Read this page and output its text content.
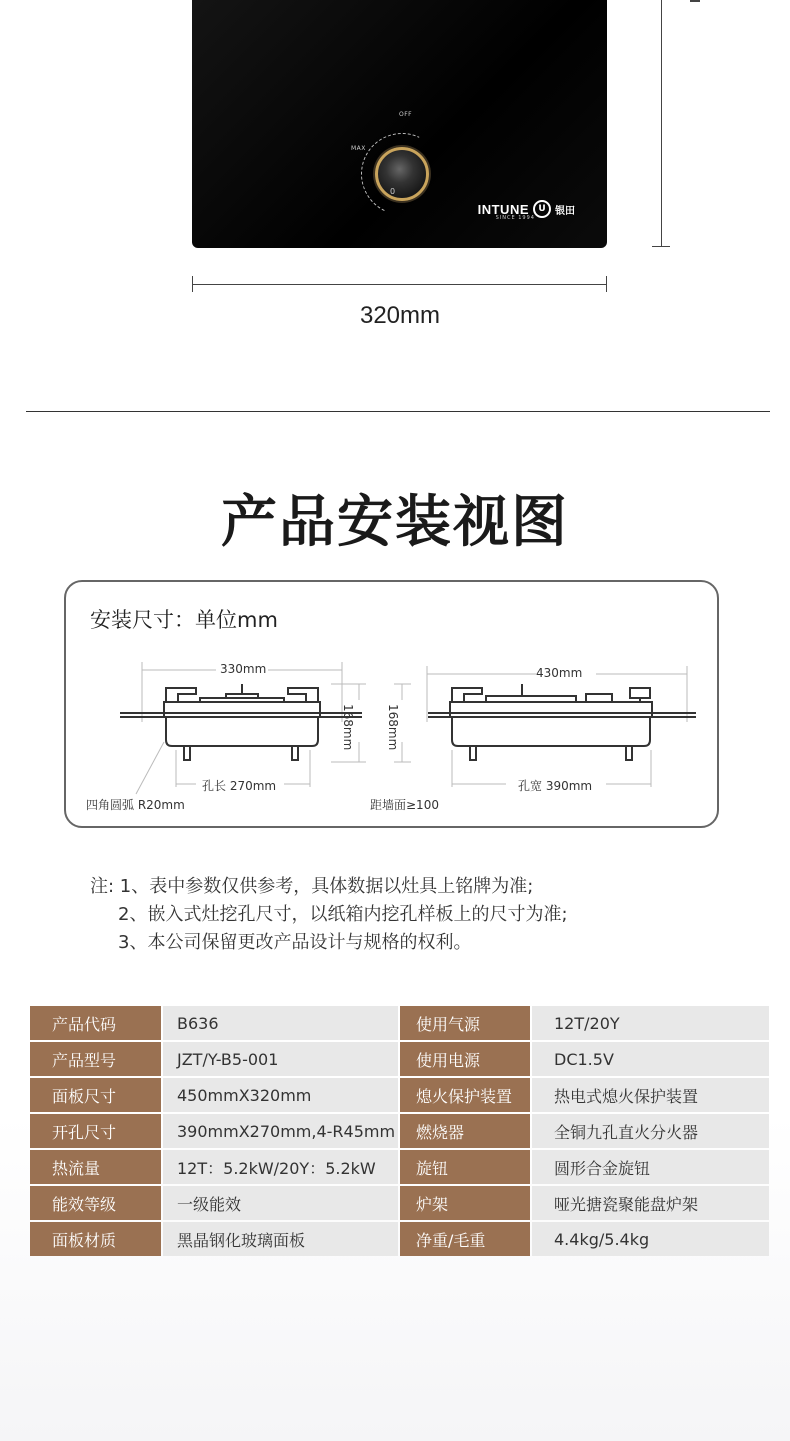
OFF
MAX
0
INTUNE
SINCE 1994
U 银田
320mm
产品安装视图
安装尺寸：单位mm
330mm
168mm
孔长 270mm
四角圆弧 R20mm
430mm
168mm
孔宽 390mm
距墙面≥100
注: 1、表中参数仅供参考，具体数据以灶具上铭牌为准;
2、嵌入式灶挖孔尺寸，以纸箱内挖孔样板上的尺寸为准;
3、本公司保留更改产品设计与规格的权利。
产品代码	B636	使用气源	12T/20Y
产品型号	JZT/Y-B5-001	使用电源	DC1.5V
面板尺寸	450mmX320mm	熄火保护装置	热电式熄火保护装置
开孔尺寸	390mmX270mm,4-R45mm	燃烧器	全铜九孔直火分火器
热流量	12T：5.2kW/20Y：5.2kW	旋钮	圆形合金旋钮
能效等级	一级能效	炉架	哑光搪瓷聚能盘炉架
面板材质	黑晶钢化玻璃面板	净重/毛重	4.4kg/5.4kg
